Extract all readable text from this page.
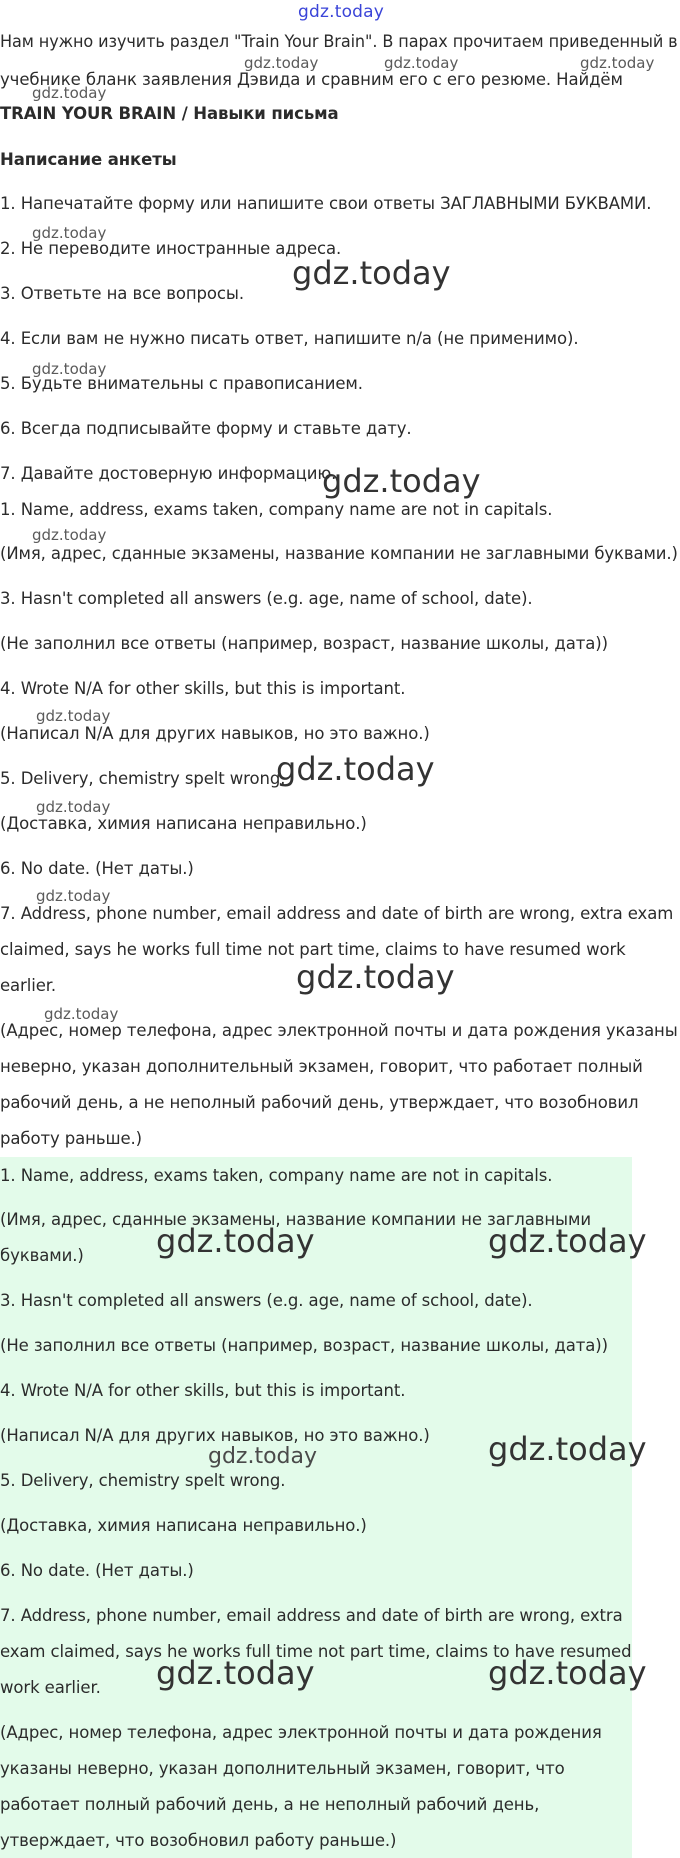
gdz.today
Нам нужно изучить раздел "Train Your Brain". В парах прочитаем приведенный в
учебнике бланк заявления Дэвида и сравним его с его резюме. Найдём
TRAIN YOUR BRAIN / Навыки письма
Написание анкеты
1. Напечатайте форму или напишите свои ответы ЗАГЛАВНЫМИ БУКВАМИ.
2. Не переводите иностранные адреса.
3. Ответьте на все вопросы.
4. Если вам не нужно писать ответ, напишите n/a (не применимо).
5. Будьте внимательны с правописанием.
6. Всегда подписывайте форму и ставьте дату.
7. Давайте достоверную информацию.
1. Name, address, exams taken, company name are not in capitals.
(Имя, адрес, сданные экзамены, название компании не заглавными буквами.)
3. Hasn't completed all answers (e.g. age, name of school, date).
(Не заполнил все ответы (например, возраст, название школы, дата))
4. Wrote N/A for other skills, but this is important.
(Написал N/A для других навыков, но это важно.)
5. Delivery, chemistry spelt wrong.
(Доставка, химия написана неправильно.)
6. No date. (Нет даты.)
7. Address, phone number, email address and date of birth are wrong, extra exam
claimed, says he works full time not part time, claims to have resumed work
earlier.
(Адрес, номер телефона, адрес электронной почты и дата рождения указаны
неверно, указан дополнительный экзамен, говорит, что работает полный
рабочий день, а не неполный рабочий день, утверждает, что возобновил
работу раньше.)
1. Name, address, exams taken, company name are not in capitals.
(Имя, адрес, сданные экзамены, название компании не заглавными
буквами.)
3. Hasn't completed all answers (e.g. age, name of school, date).
(Не заполнил все ответы (например, возраст, название школы, дата))
4. Wrote N/A for other skills, but this is important.
(Написал N/A для других навыков, но это важно.)
5. Delivery, chemistry spelt wrong.
(Доставка, химия написана неправильно.)
6. No date. (Нет даты.)
7. Address, phone number, email address and date of birth are wrong, extra
exam claimed, says he works full time not part time, claims to have resumed
work earlier.
(Адрес, номер телефона, адрес электронной почты и дата рождения
указаны неверно, указан дополнительный экзамен, говорит, что
работает полный рабочий день, а не неполный рабочий день,
утверждает, что возобновил работу раньше.)
gdz.today	gdz.today	gdz.today
gdz.today
gdz.today
gdz.today
gdz.today
gdz.today
gdz.today
gdz.today
gdz.today
gdz.today
gdz.today
gdz.today
gdz.today
gdz.today	gdz.today
gdz.today	gdz.today
gdz.today	gdz.today
